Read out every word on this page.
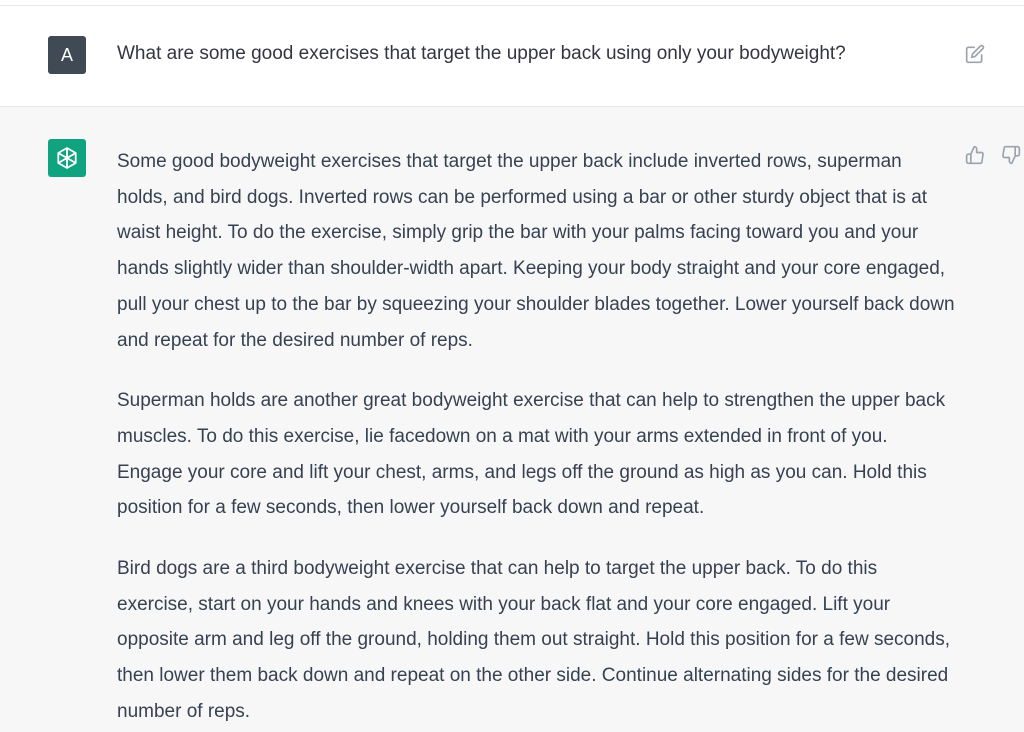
A	What are some good exercises that target the upper back using only your bodyweight?

Some good bodyweight exercises that target the upper back include inverted rows, superman holds, and bird dogs. Inverted rows can be performed using a bar or other sturdy object that is at waist height. To do the exercise, simply grip the bar with your palms facing toward you and your hands slightly wider than shoulder-width apart. Keeping your body straight and your core engaged, pull your chest up to the bar by squeezing your shoulder blades together. Lower yourself back down and repeat for the desired number of reps.

Superman holds are another great bodyweight exercise that can help to strengthen the upper back muscles. To do this exercise, lie facedown on a mat with your arms extended in front of you. Engage your core and lift your chest, arms, and legs off the ground as high as you can. Hold this position for a few seconds, then lower yourself back down and repeat.

Bird dogs are a third bodyweight exercise that can help to target the upper back. To do this exercise, start on your hands and knees with your back flat and your core engaged. Lift your opposite arm and leg off the ground, holding them out straight. Hold this position for a few seconds, then lower them back down and repeat on the other side. Continue alternating sides for the desired number of reps.
